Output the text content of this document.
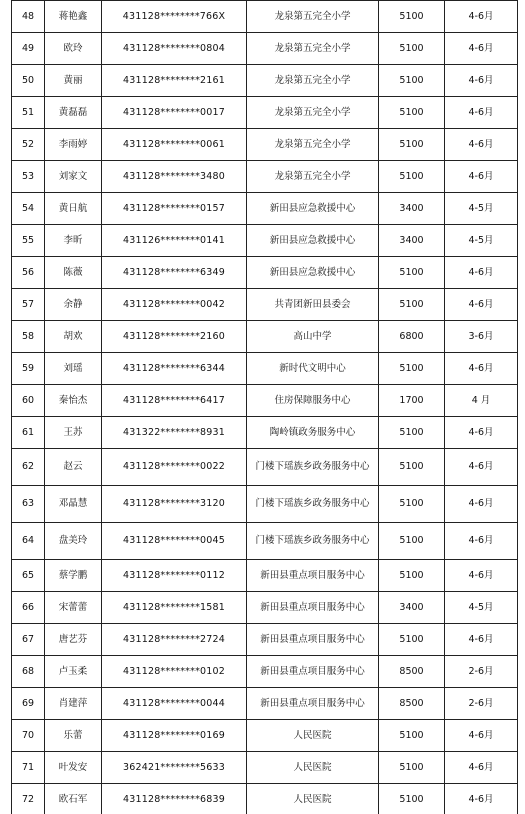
48	蒋艳鑫	431128********766X	龙泉第五完全小学	5100	4-6月
49	欧玲	431128********0804	龙泉第五完全小学	5100	4-6月
50	黄丽	431128********2161	龙泉第五完全小学	5100	4-6月
51	黄磊磊	431128********0017	龙泉第五完全小学	5100	4-6月
52	李雨婷	431128********0061	龙泉第五完全小学	5100	4-6月
53	刘家文	431128********3480	龙泉第五完全小学	5100	4-6月
54	黄日航	431128********0157	新田县应急救援中心	3400	4-5月
55	李昕	431126********0141	新田县应急救援中心	3400	4-5月
56	陈薇	431128********6349	新田县应急救援中心	5100	4-6月
57	余静	431128********0042	共青团新田县委会	5100	4-6月
58	胡欢	431128********2160	高山中学	6800	3-6月
59	刘瑶	431128********6344	新时代文明中心	5100	4-6月
60	秦怡杰	431128********6417	住房保障服务中心	1700	4 月
61	王苏	431322********8931	陶岭镇政务服务中心	5100	4-6月
62	赵云	431128********0022	门楼下瑶族乡政务服务中心	5100	4-6月
63	邓晶慧	431128********3120	门楼下瑶族乡政务服务中心	5100	4-6月
64	盘美玲	431128********0045	门楼下瑶族乡政务服务中心	5100	4-6月
65	蔡学鹏	431128********0112	新田县重点项目服务中心	5100	4-6月
66	宋蕾蕾	431128********1581	新田县重点项目服务中心	3400	4-5月
67	唐艺芬	431128********2724	新田县重点项目服务中心	5100	4-6月
68	卢玉柔	431128********0102	新田县重点项目服务中心	8500	2-6月
69	肖建萍	431128********0044	新田县重点项目服务中心	8500	2-6月
70	乐蕾	431128********0169	人民医院	5100	4-6月
71	叶发安	362421********5633	人民医院	5100	4-6月
72	欧石军	431128********6839	人民医院	5100	4-6月
